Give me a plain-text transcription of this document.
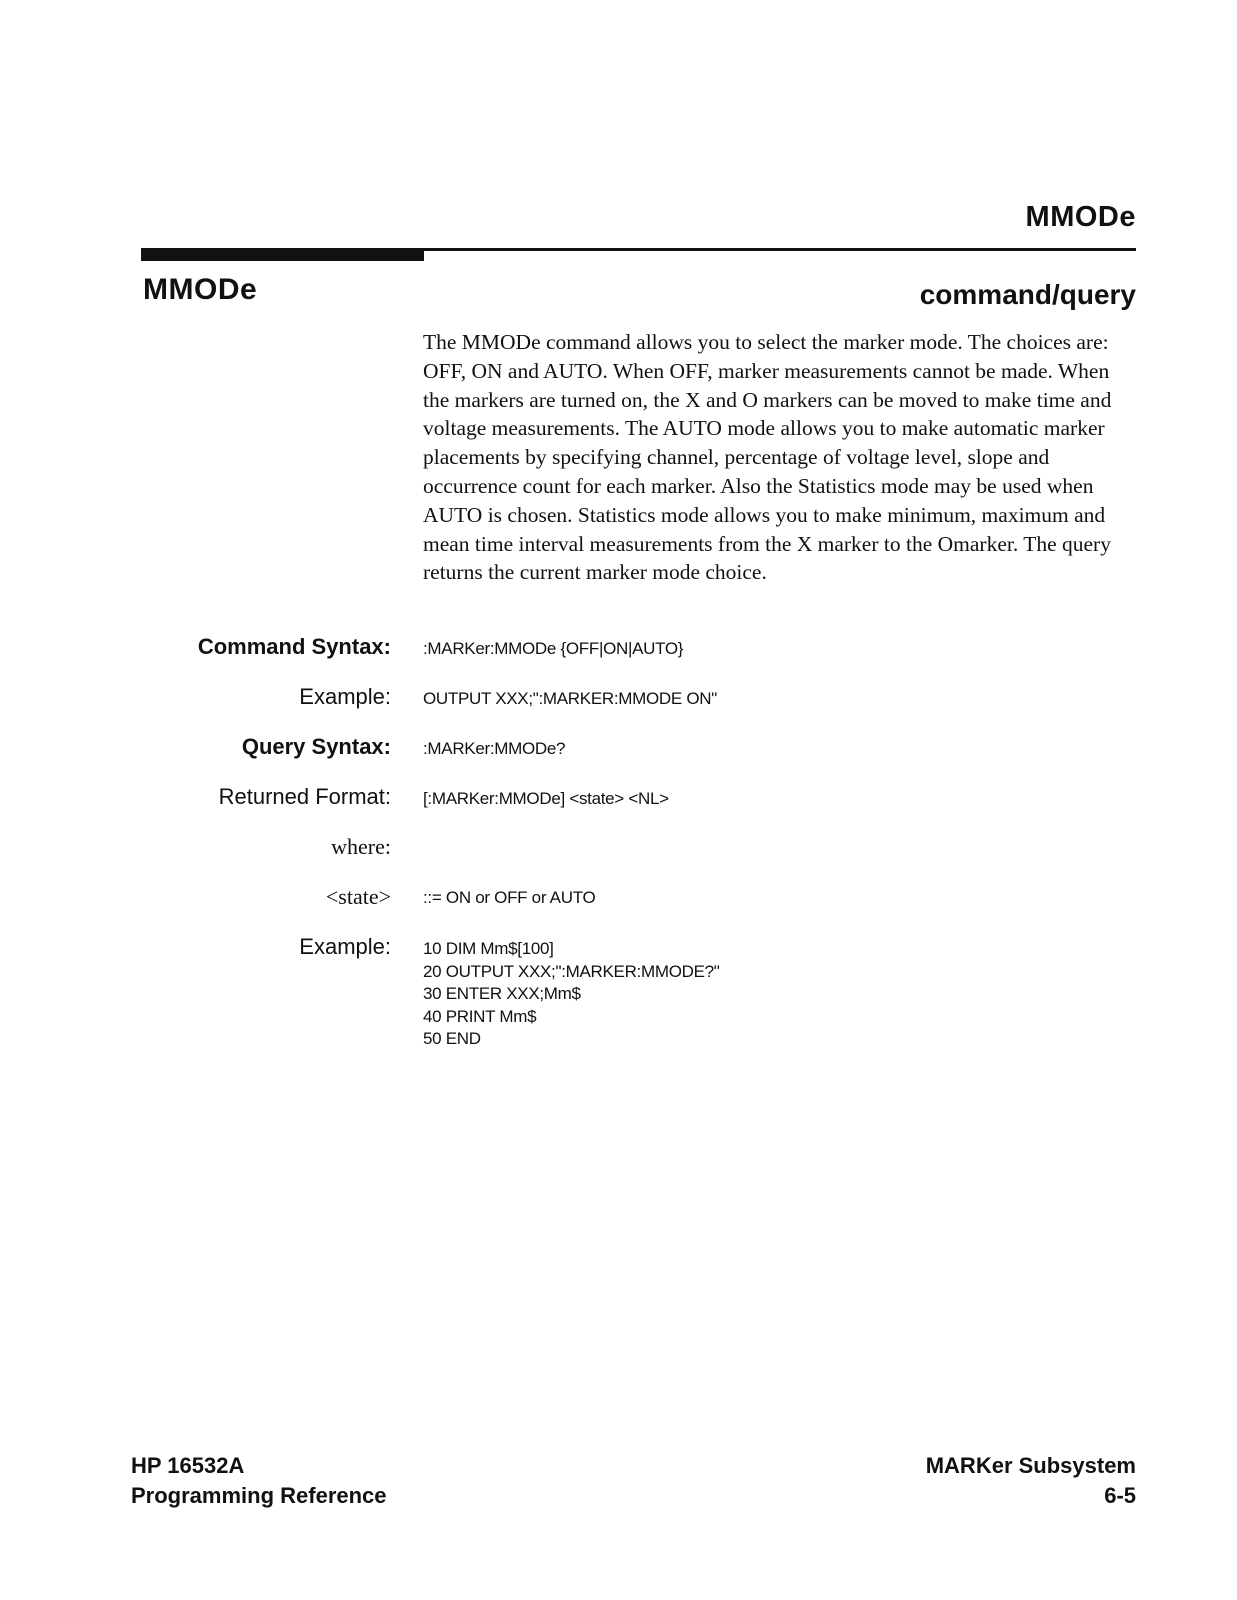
MMODe
MMODe	command/query

The MMODe command allows you to select the marker mode. The choices are: OFF, ON and AUTO. When OFF, marker measurements cannot be made. When the markers are turned on, the X and O markers can be moved to make time and voltage measurements. The AUTO mode allows you to make automatic marker placements by specifying channel, percentage of voltage level, slope and occurrence count for each marker. Also the Statistics mode may be used when AUTO is chosen. Statistics mode allows you to make minimum, maximum and mean time interval measurements from the X marker to the Omarker. The query returns the current marker mode choice.

Command Syntax: :MARKer:MMODe {OFF|ON|AUTO}
Example: OUTPUT XXX;":MARKER:MMODE ON"
Query Syntax: :MARKer:MMODe?
Returned Format: [:MARKer:MMODe] <state> <NL>
where:
<state> ::= ON or OFF or AUTO
Example: 10 DIM Mm$[100]
20 OUTPUT XXX;":MARKER:MMODE?"
30 ENTER XXX;Mm$
40 PRINT Mm$
50 END
HP 16532A
Programming Reference
MARKer Subsystem
6-5
